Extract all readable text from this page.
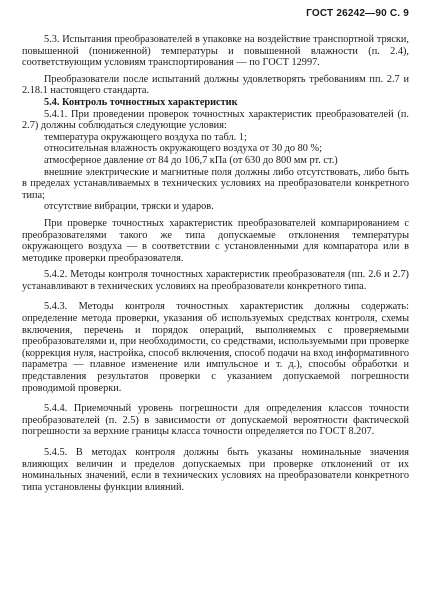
ГОСТ 26242—90 С. 9

5.3. Испытания преобразователей в упаковке на воздействие транспортной тряски, повышенной (пониженной) температуры и повышенной влажности (п. 2.4), соответствующим условиям транспортирования — по ГОСТ 12997.

Преобразователи после испытаний должны удовлетворять требованиям пп. 2.7 и 2.18.1 настоящего стандарта.

5.4. Контроль точностных характеристик

5.4.1. При проведении проверок точностных характеристик преобразователей (п. 2.7) должны соблюдаться следующие условия:

температура окружающего воздуха по табл. 1;

относительная влажность окружающего воздуха от 30 до 80 %;

атмосферное давление от 84 до 106,7 кПа (от 630 до 800 мм рт. ст.)

внешние электрические и магнитные поля должны либо отсутствовать, либо быть в пределах устанавливаемых в технических условиях на преобразователи конкретного типа;

отсутствие вибрации, тряски и ударов.

При проверке точностных характеристик преобразователей компарированием с преобразователями такого же типа допускаемые отклонения температуры окружающего воздуха — в соответствии с установленными для компаратора или в методике проверки преобразователя.

5.4.2. Методы контроля точностных характеристик преобразователя (пп. 2.6 и 2.7) устанавливают в технических условиях на преобразователи конкретного типа.

5.4.3. Методы контроля точностных характеристик должны содержать: определение метода проверки, указания об используемых средствах контроля, схемы включения, перечень и порядок операций, выполняемых с проверяемыми преобразователями и, при необходимости, со средствами, используемыми при проверке (коррекция нуля, настройка, способ включения, способ подачи на вход информативного параметра — плавное изменение или импульсное и т. д.), способы обработки и представления результатов проверки с указанием допускаемой погрешности проводимой проверки.

5.4.4. Приемочный уровень погрешности для определения классов точности преобразователей (п. 2.5) в зависимости от допускаемой вероятности фактической погрешности за верхние границы класса точности определяется по ГОСТ 8.207.

5.4.5. В методах контроля должны быть указаны номинальные значения влияющих величин и пределов допускаемых при проверке отклонений от их номинальных значений, если в технических условиях на преобразователи конкретного типа установлены функции влияний.
